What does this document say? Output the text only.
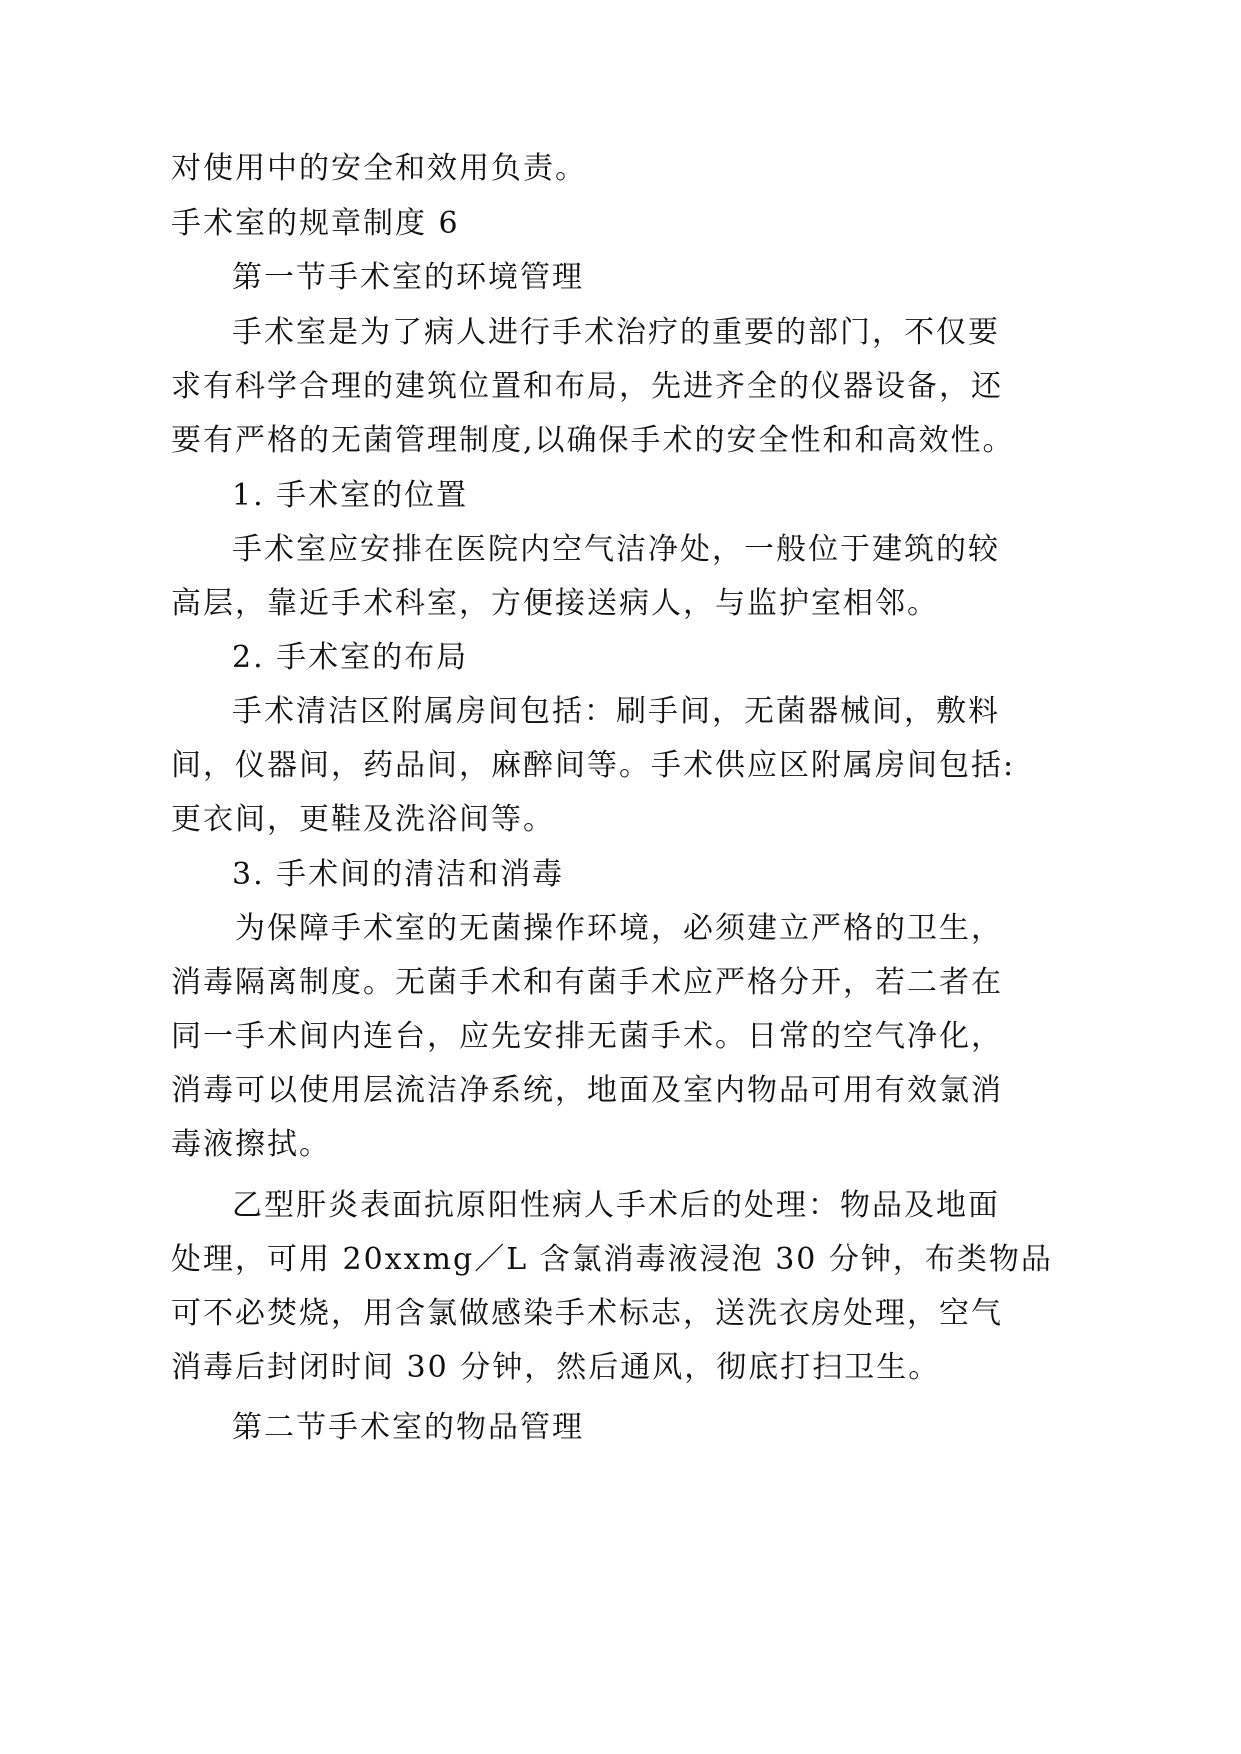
对使用中的安全和效用负责。
手术室的规章制度 6
第一节手术室的环境管理
手术室是为了病人进行手术治疗的重要的部门，不仅要
求有科学合理的建筑位置和布局，先进齐全的仪器设备，还
要有严格的无菌管理制度,以确保手术的安全性和和高效性。
1. 手术室的位置
手术室应安排在医院内空气洁净处，一般位于建筑的较
高层，靠近手术科室，方便接送病人，与监护室相邻。
2. 手术室的布局
手术清洁区附属房间包括：刷手间，无菌器械间，敷料
间，仪器间，药品间，麻醉间等。手术供应区附属房间包括:
更衣间，更鞋及洗浴间等。
3. 手术间的清洁和消毒
为保障手术室的无菌操作环境，必须建立严格的卫生，
消毒隔离制度。无菌手术和有菌手术应严格分开，若二者在
同一手术间内连台，应先安排无菌手术。日常的空气净化，
消毒可以使用层流洁净系统，地面及室内物品可用有效氯消
毒液擦拭。
乙型肝炎表面抗原阳性病人手术后的处理：物品及地面
处理，可用 20xxmg／L 含氯消毒液浸泡 30 分钟，布类物品
可不必焚烧，用含氯做感染手术标志，送洗衣房处理，空气
消毒后封闭时间 30 分钟，然后通风，彻底打扫卫生。
第二节手术室的物品管理
